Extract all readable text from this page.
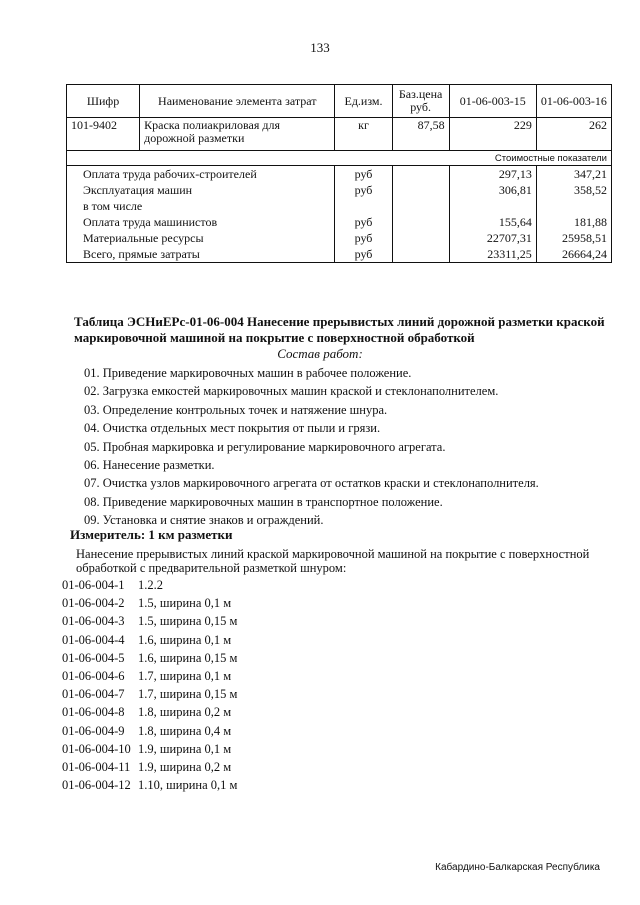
133
Шифр	Наименование элемента затрат	Ед.изм.	Баз.цена руб.	01-06-003-15	01-06-003-16
101-9402	Краска полиакриловая для дорожной разметки	кг	87,58	229	262
Стоимостные показатели					
Оплата труда рабочих-строителей		руб		297,13	347,21
Эксплуатация машин		руб		306,81	358,52
в том числе					
Оплата труда машинистов		руб		155,64	181,88
Материальные ресурсы		руб		22707,31	25958,51
Всего, прямые затраты		руб		23311,25	26664,24
Таблица ЭСНиЕРс-01-06-004 Нанесение прерывистых линий дорожной разметки краской маркировочной машиной на покрытие с поверхностной обработкой
Состав работ:
01. Приведение маркировочных машин в рабочее положение.
02. Загрузка емкостей маркировочных машин краской и стеклонаполнителем.
03. Определение контрольных точек и натяжение шнура.
04. Очистка отдельных мест покрытия от пыли и грязи.
05. Пробная маркировка и регулирование маркировочного агрегата.
06. Нанесение разметки.
07. Очистка узлов маркировочного агрегата от остатков краски и стеклонаполнителя.
08. Приведение маркировочных машин в транспортное положение.
09. Установка и снятие знаков и ограждений.
Измеритель: 1 км разметки
Нанесение прерывистых линий краской маркировочной машиной на покрытие с поверхностной обработкой с предварительной разметкой шнуром:
01-06-004-1 1.2.2
01-06-004-2 1.5, ширина 0,1 м
01-06-004-3 1.5, ширина 0,15 м
01-06-004-4 1.6, ширина 0,1 м
01-06-004-5 1.6, ширина 0,15 м
01-06-004-6 1.7, ширина 0,1 м
01-06-004-7 1.7, ширина 0,15 м
01-06-004-8 1.8, ширина 0,2 м
01-06-004-9 1.8, ширина 0,4 м
01-06-004-10 1.9, ширина 0,1 м
01-06-004-11 1.9, ширина 0,2 м
01-06-004-12 1.10, ширина 0,1 м
Кабардино-Балкарская Республика
